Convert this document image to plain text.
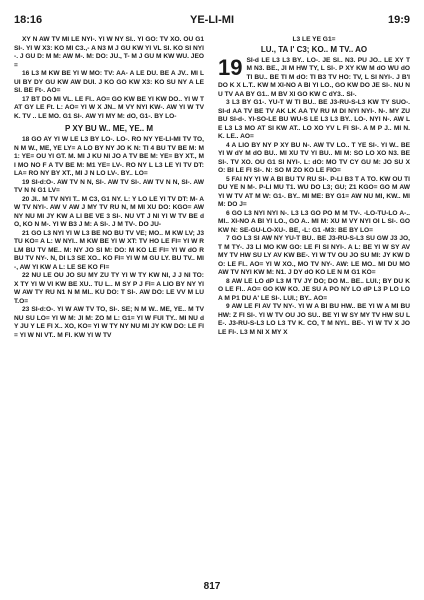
18:16	YE-LI-MI	19:9

XY N AW TV MI LE NYI-. YI W NY SI.. YI GO: TV XO. OU G1 SI-. YI W X3: KO MI C3.,- A N3 M J GU KW YI VL SI. KO SI NYI-. J GU D: M M: AW M-. M: DO: JU., T- M J GU M KW WU. JEO=

16 L3 M KW BE YI W MO: TV: AA- A LE DU. BE A JV.. MI LUI BY DY GU KW AW DUI. J KO GO KW X3: KO SU NY A LE SI. BE Ft-. AO=

17 BT DO MI VL. LE FI.. AO= GO KW BE YI KW DO.. YI W T AT GY LE Ft. L: AO= YI W X JN.. M VY NYI KW-. AW YI W TV K. TV .. LE MO. G1 SI-. AW YI MY M: dO, G1-. BY LO-

P XY BU W.. ME, YE.. M

18 GO AY YI W LE L3 BY LO-. LO-. RO NY YE-LI-MI TV TO, N M W., ME, YE LY= A LO BY NY JO K N: TI 4 BU TV BE M: M1: YE= OU YI GT. M. MI J KU NI JO A TV BE M: YE= BY XT., MI MO NO F A TV BE M: M1 YE= LV-. RO NY L L3 LE YI TV DT: LA= RO NY BY XT., MI J N LO LV-. BY.. LO=

19 SI-d:O-. AW TV N N, SI-. AW TV SI-. AW TV N N, SI-. AW TV N N G1 LV=

20 JI.. M TV NYI T.. M C3, G1 NY. L: Y LO LE YI TV DT: M- AW TV NYI-. AW V AW J MY TV RU N, M MI XU DO: KGO= AW NY NU MI JY KW A LI BE VE 3 SI-. NU VT J NI YI W TV BE dO, KO N M-. YI W B3 J M: A SI-. J M TV-. DO JU-

21 GO L3 NYI YI W L3 BE NO BU TV VE; MO.. M KW LV; J3 TU KO= A L: W NYI.. M KW BE YI W XT: TV HO LE FI= YI W R LM BU TV ME.. M: NY JO SI M: DO: M KO LE FI= YI W dO R BU TV NY-. N, DI L3 SE XO.. KO FI= YI W M GU LY. BU TV.. MI-, AW YI KW A L: LE SE KO FI=

22 NU LE OU JO SU MY ZU TY YI W TY KW NI, J J NI TO: X TY YI W VI KW BE XU.. TU L.. M SY P J FI= A LIO BY NY YI W AW TY RU N1 N M MI.. KU DO: T SI-. AW DO: LE VV M LU T.O=

23 SI-d:O-. YI W AW TV TO, SI-. SE; N M W.. ME, YE.. M TV NU SU LO= YI W M: JI M: ZO M L: G1= YI W FUI TY.. MI NU dY JU Y LE FI X.. XO, KO= YI W TY NY NU MI JY KW DO: LE FI= YI W NI VT.. M FI. KW YI W TV

L3 LE YE G1=

LU., TA I' C3; KO.. M TV.. AO

19 SI-d LE L3 L3 BY.. LO-. JE SI.. N3. PU JO.. LE XY T M N3. BE., JI M HW TY, L SI-. P XY KW M dO WU dO TI BU.. BE TI M dO: TI B3 TV HO: TV, L SI NYI-. J B'I DO K X L.T.. KW M XI-NO A BI YI LO., GO KW DO JE SI-. NU NU TV AA BY G1.. M BV XI GO KW C dY3.. SI-.

3 L3 BY G1-. YU-T W TI BU.. BE J3-RU-S-L3 KW TY SUO-. SI-d AA TV BE TV AK LK AA TV RU M DI NYI NYI-. N-. MY ZU BU SI-d-. YI-SO-LE BU WU-S LE L3 L3 BY.. LO-. NYI N-. AW LE L3 L3 MO AT SI KW AT.. LO XO YV L FI SI-. A M P J.. MI N. K. LE.. AO=

4 A LIO BY NY P XY BU N-. AW TV LO.. T YE SI-. YI W.. BE YI W dY M dO BU.. MI XU TV YI BU.. MI M: SO LO XO N3. BE SI-. TV XO. OU G1 SI NYI-. L: dO: MO TV CY GU M: JO SU XO: BI LE FI SI-. N: SO M ZO KO LE FIO=

5 FAI NY YI W A BI BU TV RU SI-. P-LI B3 T A TO. KW OU TI DU YE N M-. P-LI MU T1. WU DO L3; GU; Z1 KGO= GO M AW YI W TV AT M W: G1-. BY.. MI ME: BY G1= AW NU MI, KW.. MI M: DO J=

6 GO L3 NYI NYI N-. L3 L3 GO PO M M TV-. -LO-TU-LO A-.. MI.. XI-NO A BI YI LO., GO A.. MI M: XU M VY NYI OI L SI-. GO KW N: SE-GU-LO-XU-. BE, -L: G1 -M3: BE BY LO=

7 GO L3 SI AW NY YU-T BU.. BE J3-RU-S-L3 SU GW J3 JO, T M TY-. J3 LI MO KW GO: LE FI SI NYI-. A L: BE YI W SY AV MY TV HW SU LY AV KW BE-. YI W TV OU JO SU MI: JY KW DO: LE FI.. AO= YI W XO., MO TV NY-. AW: LE MO.. MI DU MO AW TV NYI KW M: N1. J DY dO KO LE N M G1 KO=

8 AW LE LO dP L3 M TV JY DO; DO M.. BE.. LUI.; BY DU KO LE FI.. AO= GO KW KO. JE SU A PO NY LO dP L3 P LO LO A M P1 DU A' LE SI-. LUI.; BY.. AO=

9 AW LE FI AV TV NY-. YI W A BI BU HW.. BE YI W A MI BU HW: Z FI SI-. YI W TV OU JO SU.. BE YI W SY MY TV HW SU LE-. J3-RU-S-L3 LO L3 TV K. CO, T M NYI.. BE-. YI W TV X JO LE FI-. L3 M NI X MY X

817
